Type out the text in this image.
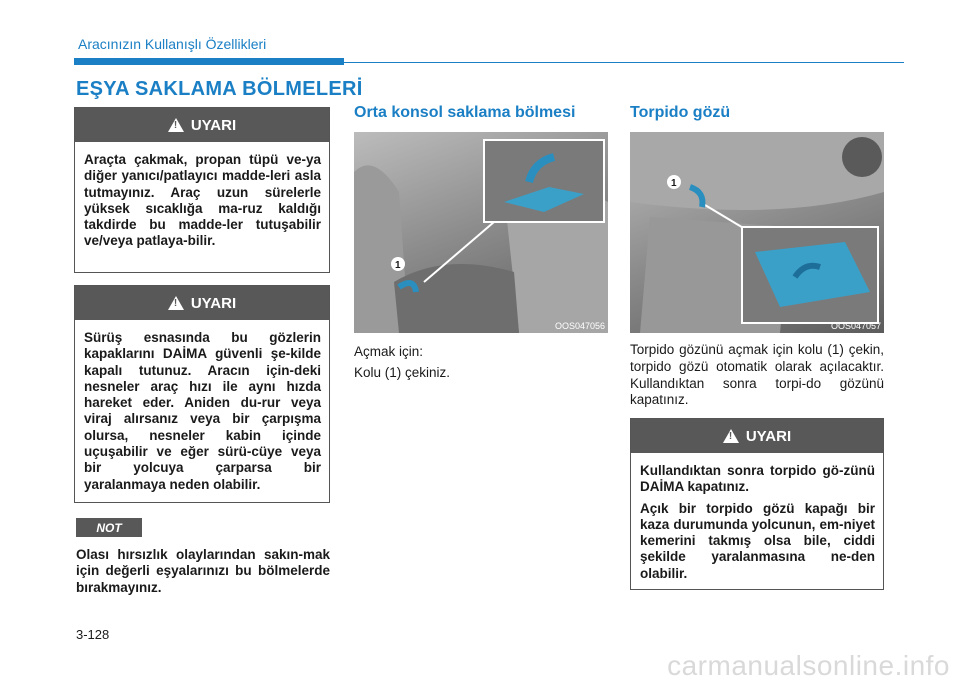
Aracınızın Kullanışlı Özellikleri
EŞYA SAKLAMA BÖLMELERİ
!
UYARI

Araçta çakmak, propan tüpü ve-ya diğer yanıcı/patlayıcı madde-leri asla tutmayınız. Araç uzun sürelerle yüksek sıcaklığa ma-ruz kaldığı takdirde bu madde-ler tutuşabilir ve/veya patlaya-bilir.

!
UYARI

Sürüş esnasında bu gözlerin kapaklarını DAİMA güvenli şe-kilde kapalı tutunuz. Aracın için-deki nesneler araç hızı ile aynı hızda hareket eder. Aniden du-rur veya viraj alırsanız veya bir çarpışma olursa, nesneler kabin içinde uçuşabilir ve eğer sürü-cüye veya bir yolcuya çarparsa bir yaralanmaya neden olabilir.

NOT
Olası hırsızlık olaylarından sakın-mak için değerli eşyalarınızı bu bölmelerde bırakmayınız.
Orta konsol saklama bölmesi
1
OOS047056
Açmak için:
Kolu (1) çekiniz.
Torpido gözü
1
OOS047057
Torpido gözünü açmak için kolu (1) çekin, torpido gözü otomatik olarak açılacaktır. Kullandıktan sonra torpi-do gözünü kapatınız.
!
UYARI

Kullandıktan sonra torpido gö-zünü DAİMA kapatınız.

Açık bir torpido gözü kapağı bir kaza durumunda yolcunun, em-niyet kemerini takmış olsa bile, ciddi şekilde yaralanmasına ne-den olabilir.

3-128
carmanualsonline.info
